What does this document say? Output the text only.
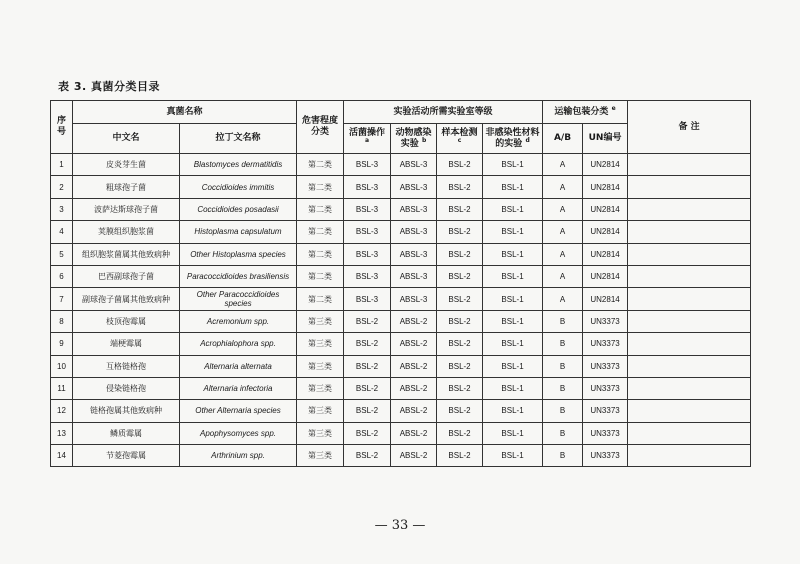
表 3. 真菌分类目录
序号	真菌名称		危害程度分类	实验活动所需实验室等级				运输包装分类 $^e$		备 注
	中文名	拉丁文名称		活菌操作 $^a$	动物感染实验 $^b$	样本检测 $^c$	非感染性材料的实验 $^d$	A/B	UN编号	
1	皮炎芽生菌	Blastomyces dermatitidis	第二类	BSL-3	ABSL-3	BSL-2	BSL-1	A	UN2814	
2	粗球孢子菌	Coccidioides immitis	第二类	BSL-3	ABSL-3	BSL-2	BSL-1	A	UN2814	
3	波萨达斯球孢子菌	Coccidioides posadasii	第二类	BSL-3	ABSL-3	BSL-2	BSL-1	A	UN2814	
4	荚膜组织胞浆菌	Histoplasma capsulatum	第二类	BSL-3	ABSL-3	BSL-2	BSL-1	A	UN2814	
5	组织胞浆菌属其他致病种	Other Histoplasma species	第二类	BSL-3	ABSL-3	BSL-2	BSL-1	A	UN2814	
6	巴西副球孢子菌	Paracoccidioides brasiliensis	第二类	BSL-3	ABSL-3	BSL-2	BSL-1	A	UN2814	
7	副球孢子菌属其他致病种	Other Paracoccidioides species	第二类	BSL-3	ABSL-3	BSL-2	BSL-1	A	UN2814	
8	枝顶孢霉属	Acremonium spp.	第三类	BSL-2	ABSL-2	BSL-2	BSL-1	B	UN3373	
9	端梗霉属	Acrophialophora spp.	第三类	BSL-2	ABSL-2	BSL-2	BSL-1	B	UN3373	
10	互格链格孢	Alternaria alternata	第三类	BSL-2	ABSL-2	BSL-2	BSL-1	B	UN3373	
11	侵染链格孢	Alternaria infectoria	第三类	BSL-2	ABSL-2	BSL-2	BSL-1	B	UN3373	
12	链格孢属其他致病种	Other Alternaria species	第三类	BSL-2	ABSL-2	BSL-2	BSL-1	B	UN3373	
13	鳞质霉属	Apophysomyces spp.	第三类	BSL-2	ABSL-2	BSL-2	BSL-1	B	UN3373	
14	节菱孢霉属	Arthrinium spp.	第三类	BSL-2	ABSL-2	BSL-2	BSL-1	B	UN3373	
— 33 —
